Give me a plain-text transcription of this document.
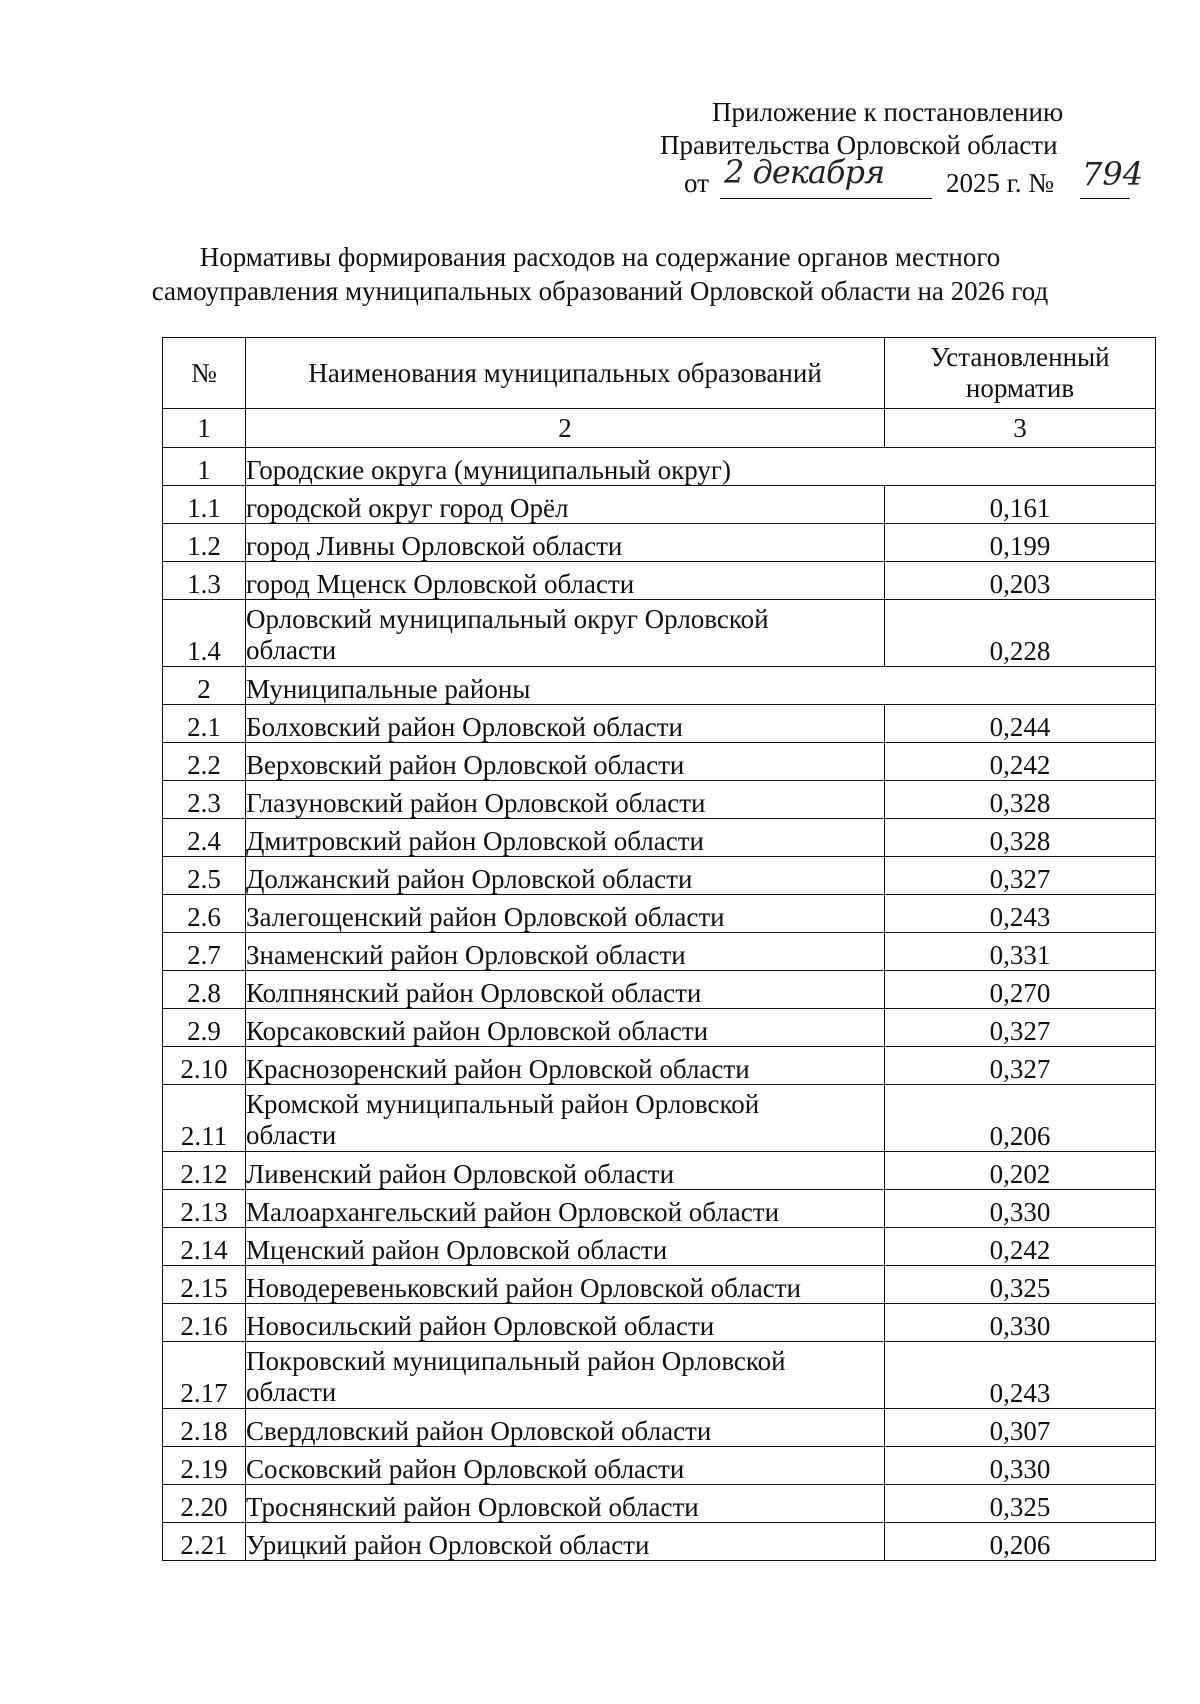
Приложение к постановлению
Правительства Орловской области
от 2 декабря 2025 г. № 794
Нормативы формирования расходов на содержание органов местного
самоуправления муниципальных образований Орловской области на 2026 год
№	Наименования муниципальных образований	Установленный
норматив
1	2	3
1	Городские округа (муниципальный округ)	
1.1	городской округ город Орёл	0,161
1.2	город Ливны Орловской области	0,199
1.3	город Мценск Орловской области	0,203
1.4	Орловский муниципальный округ Орловской
области	0,228
2	Муниципальные районы	
2.1	Болховский район Орловской области	0,244
2.2	Верховский район Орловской области	0,242
2.3	Глазуновский район Орловской области	0,328
2.4	Дмитровский район Орловской области	0,328
2.5	Должанский район Орловской области	0,327
2.6	Залегощенский район Орловской области	0,243
2.7	Знаменский район Орловской области	0,331
2.8	Колпнянский район Орловской области	0,270
2.9	Корсаковский район Орловской области	0,327
2.10	Краснозоренский район Орловской области	0,327
2.11	Кромской муниципальный район Орловской
области	0,206
2.12	Ливенский район Орловской области	0,202
2.13	Малоархангельский район Орловской области	0,330
2.14	Мценский район Орловской области	0,242
2.15	Новодеревеньковский район Орловской области	0,325
2.16	Новосильский район Орловской области	0,330
2.17	Покровский муниципальный район Орловской
области	0,243
2.18	Свердловский район Орловской области	0,307
2.19	Сосковский район Орловской области	0,330
2.20	Троснянский район Орловской области	0,325
2.21	Урицкий район Орловской области	0,206
